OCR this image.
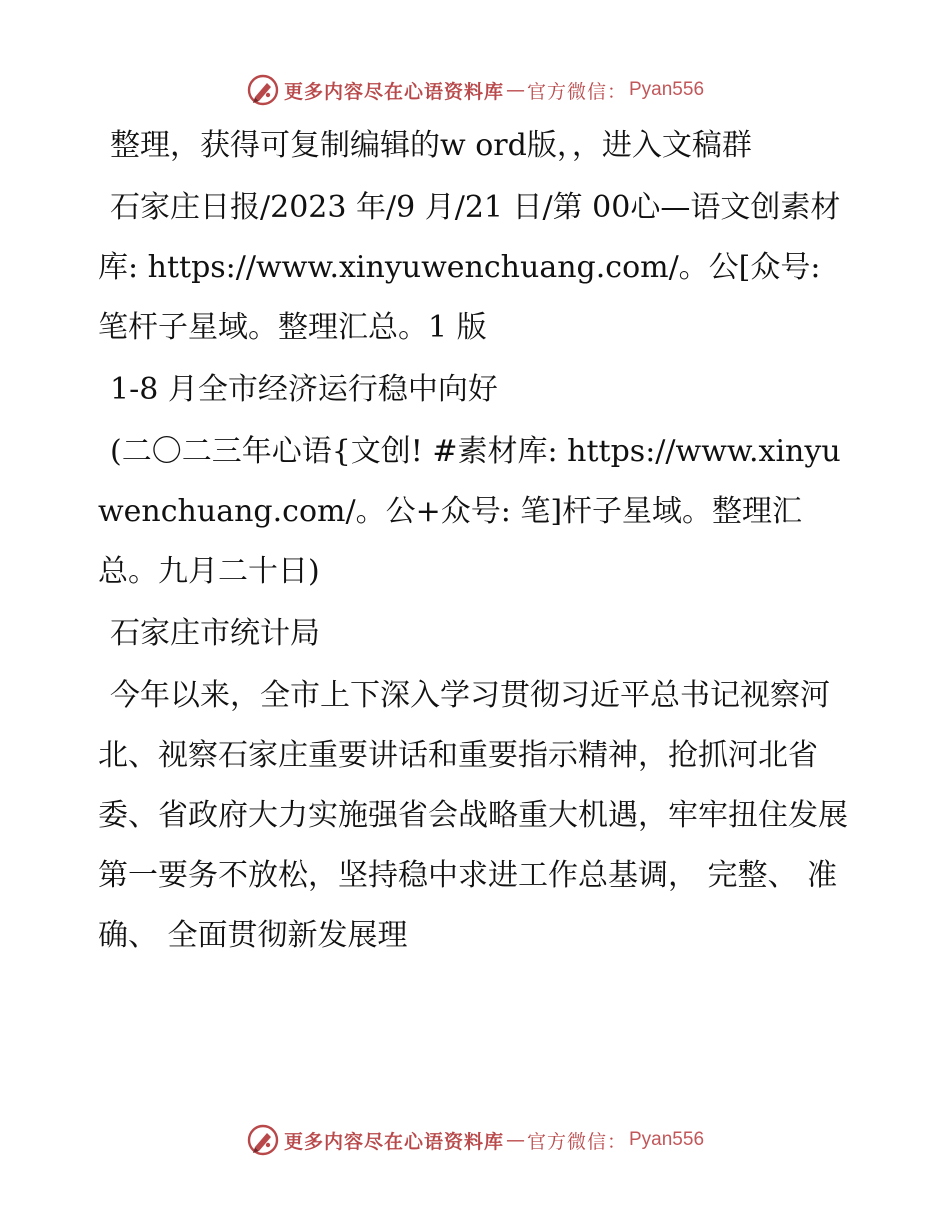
更多内容尽在心语资料库 — 官方微信： Pyan556

整理，获得可复制编辑的w ord版，，进入文稿群

石家庄日报/2023 年/9 月/21 日/第 00心—语文创素材库: https://www.xinyuwenchuang.com/。公[众号: 笔杆子星域。整理汇总。1 版

1-8 月全市经济运行稳中向好

(二〇二三年心语{文创! #素材库: https://www.xinyuwenchuang.com/。公+众号: 笔]杆子星域。整理汇总。九月二十日)

石家庄市统计局

今年以来，全市上下深入学习贯彻习近平总书记视察河北、视察石家庄重要讲话和重要指示精神，抢抓河北省委、省政府大力实施强省会战略重大机遇，牢牢扭住发展第一要务不放松，坚持稳中求进工作总基调， 完整、 准确、 全面贯彻新发展理

更多内容尽在心语资料库 — 官方微信： Pyan556
